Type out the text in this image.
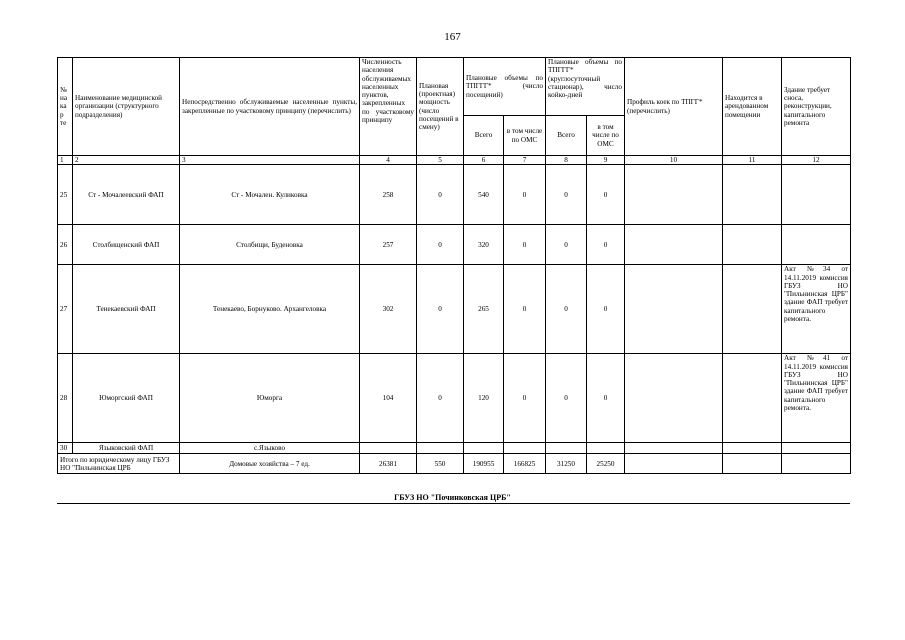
167
№ на кар те	Наименование медицинской организации (структурного подразделения)	Непосредственно обслуживаемые населенные пункты, закрепленные по участковому принципу (перечислить)	Численность населения обслуживаемых населенных пунктов, закрепленных по участковому принципу	Плановая (проектная) мощность (число посещений в смену)	Плановые объемы по ТПГГГ* (число посещений)		Плановые объемы по ТПГГГ* (круглосуточный стационар), число койко-дней		Профиль коек по ТПГГ* (перечислить)	Находится в арендованном помещении	Здание требует сноса, реконструкции, капитального ремонта
					Всего	в том числе по ОМС	Всего	в том числе по ОМС			
1	2	3	4	5	6	7	8	9	10	11	12
25	Ст - Мочалеевский ФАП	Ст - Мочален. Куликовка	258	0	540	0	0	0			
26	Столбищенский ФАП	Столбищи, Буденовка	257	0	320	0	0	0			
27	Тенекаевский ФАП	Тенекаево, Борнуково. Архангеловка	302	0	265	0	0	0			Акт №34 от 14.11.2019 комиссия ГБУЗ НО "Пильнинская ЦРБ" здание ФАП требует капитального ремонта.
28	Юморгский ФАП	Юморга	104	0	120	0	0	0			Акт №41 от 14.11.2019 комиссия ГБУЗ НО "Пильнинская ЦРБ" здание ФАП требует капитального ремонта.
30	Языковский ФАП	с.Языково									
Итого по юридическому лицу ГБУЗ НО "Пильнинская ЦРБ		Домовые хозяйства – 7 ед.	26381	550	190955	166825	31250	25250			
ГБУЗ НО "Починковская ЦРБ"
